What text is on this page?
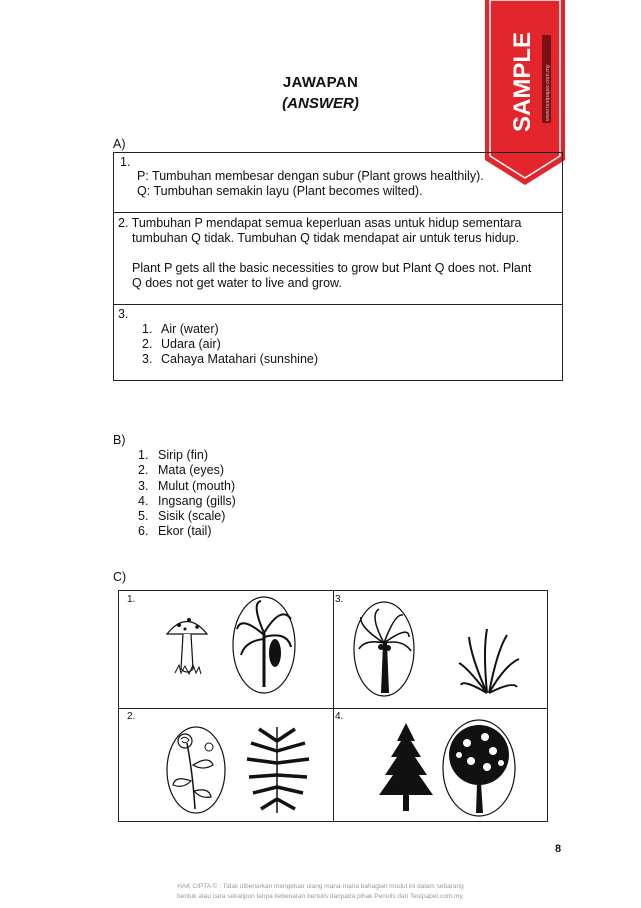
SAMPLE www.testpaper.com.my
JAWAPAN
(ANSWER)
A)
1.
P: Tumbuhan membesar dengan subur (Plant grows healthily).
Q: Tumbuhan semakin layu (Plant becomes wilted).
2. Tumbuhan P mendapat semua keperluan asas untuk hidup sementara
tumbuhan Q tidak. Tumbuhan Q tidak mendapat air untuk terus hidup.
Plant P gets all the basic necessities to grow but Plant Q does not. Plant
Q does not get water to live and grow.
3.
1. Air (water)
2. Udara (air)
3. Cahaya Matahari (sunshine)
B)
1. Sirip (fin)
2. Mata (eyes)
3. Mulut (mouth)
4. Ingsang (gills)
5. Sisik (scale)
6. Ekor (tail)
C)
1.	3.
2.	4.
8
HAK CIPTA © : Tidak dibenarkan mengeluar ulang mana-mana bahagian modul ini dalam sebarang
bentuk atau cara sekalipun tanpa kebenaran bertulis daripada pihak Penulis dan Testpaper.com.my.
